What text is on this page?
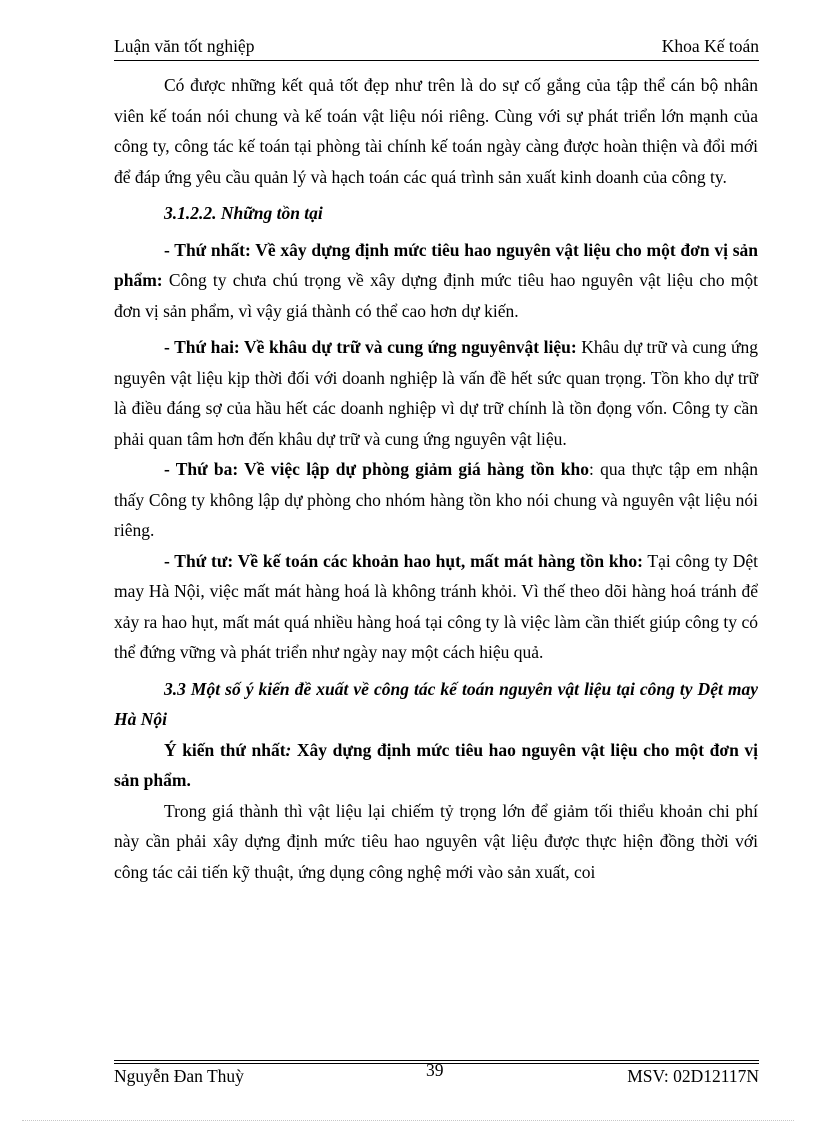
Luận văn tốt nghiệp	Khoa Kế toán

Có được những kết quả tốt đẹp như trên là do sự cố gắng của tập thể cán bộ nhân viên kế toán nói chung và kế toán vật liệu nói riêng. Cùng với sự phát triển lớn mạnh của công ty, công tác kế toán tại phòng tài chính kế toán ngày càng được hoàn thiện và đổi mới để đáp ứng yêu cầu quản lý và hạch toán các quá trình sản xuất kinh doanh của công ty.

3.1.2.2. Những tồn tại

- Thứ nhất: Về xây dựng định mức tiêu hao nguyên vật liệu cho một đơn vị sản phẩm: Công ty chưa chú trọng về xây dựng định mức tiêu hao nguyên vật liệu cho một đơn vị sản phẩm, vì vậy giá thành có thể cao hơn dự kiến.

- Thứ hai: Về khâu dự trữ và cung ứng nguyênvật liệu: Khâu dự trữ và cung ứng nguyên vật liệu kịp thời đối với doanh nghiệp là vấn đề hết sức quan trọng. Tồn kho dự trữ là điều đáng sợ của hầu hết các doanh nghiệp vì dự trữ chính là tồn đọng vốn. Công ty cần phải quan tâm hơn đến khâu dự trữ và cung ứng nguyên vật liệu.

- Thứ ba: Về việc lập dự phòng giảm giá hàng tồn kho: qua thực tập em nhận thấy Công ty không lập dự phòng cho nhóm hàng tồn kho nói chung và nguyên vật liệu nói riêng.

- Thứ tư: Về kế toán các khoản hao hụt, mất mát hàng tồn kho: Tại công ty Dệt may Hà Nội, việc mất mát hàng hoá là không tránh khỏi. Vì thế theo dõi hàng hoá tránh để xảy ra hao hụt, mất mát quá nhiều hàng hoá tại công ty là việc làm cần thiết giúp công ty có thể đứng vững và phát triển như ngày nay một cách hiệu quả.

3.3 Một số ý kiến đề xuất về công tác kế toán nguyên vật liệu tại công ty Dệt may Hà Nội

Ý kiến thứ nhất: Xây dựng định mức tiêu hao nguyên vật liệu cho một đơn vị sản phẩm.

Trong giá thành thì vật liệu lại chiếm tỷ trọng lớn để giảm tối thiểu khoản chi phí này cần phải xây dựng định mức tiêu hao nguyên vật liệu được thực hiện đồng thời với công tác cải tiến kỹ thuật, ứng dụng công nghệ mới vào sản xuất, coi

Nguyễn Đan Thuỳ	39	MSV: 02D12117N
